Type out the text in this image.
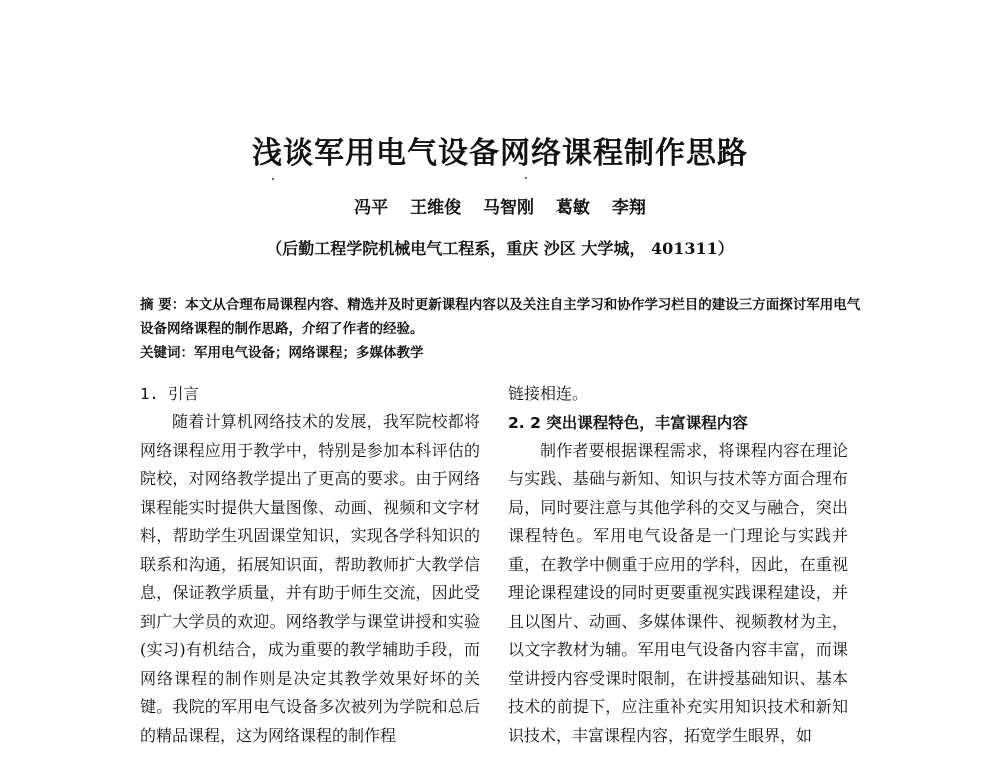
浅谈军用电气设备网络课程制作思路
冯平 王维俊 马智刚 葛敏 李翔
（后勤工程学院机械电气工程系，重庆 沙区 大学城， 401311）

摘 要：本文从合理布局课程内容、精选并及时更新课程内容以及关注自主学习和协作学习栏目的建设三方面探讨军用电气设备网络课程的制作思路，介绍了作者的经验。

关键词：军用电气设备；网络课程；多媒体教学

1. 引言

随着计算机网络技术的发展，我军院校都将网络课程应用于教学中，特别是参加本科评估的院校，对网络教学提出了更高的要求。由于网络课程能实时提供大量图像、动画、视频和文字材料，帮助学生巩固课堂知识，实现各学科知识的联系和沟通，拓展知识面，帮助教师扩大教学信息，保证教学质量，并有助于师生交流，因此受到广大学员的欢迎。网络教学与课堂讲授和实验(实习)有机结合，成为重要的教学辅助手段，而网络课程的制作则是决定其教学效果好坏的关键。我院的军用电气设备多次被列为学院和总后的精品课程，这为网络课程的制作程

链接相连。

2. 2 突出课程特色，丰富课程内容

制作者要根据课程需求，将课程内容在理论与实践、基础与新知、知识与技术等方面合理布局，同时要注意与其他学科的交叉与融合，突出课程特色。军用电气设备是一门理论与实践并重，在教学中侧重于应用的学科，因此，在重视理论课程建设的同时更要重视实践课程建设，并且以图片、动画、多媒体课件、视频教材为主，以文字教材为辅。军用电气设备内容丰富，而课堂讲授内容受课时限制，在讲授基础知识、基本技术的前提下，应注重补充实用知识技术和新知识技术，丰富课程内容，拓宽学生眼界，如
